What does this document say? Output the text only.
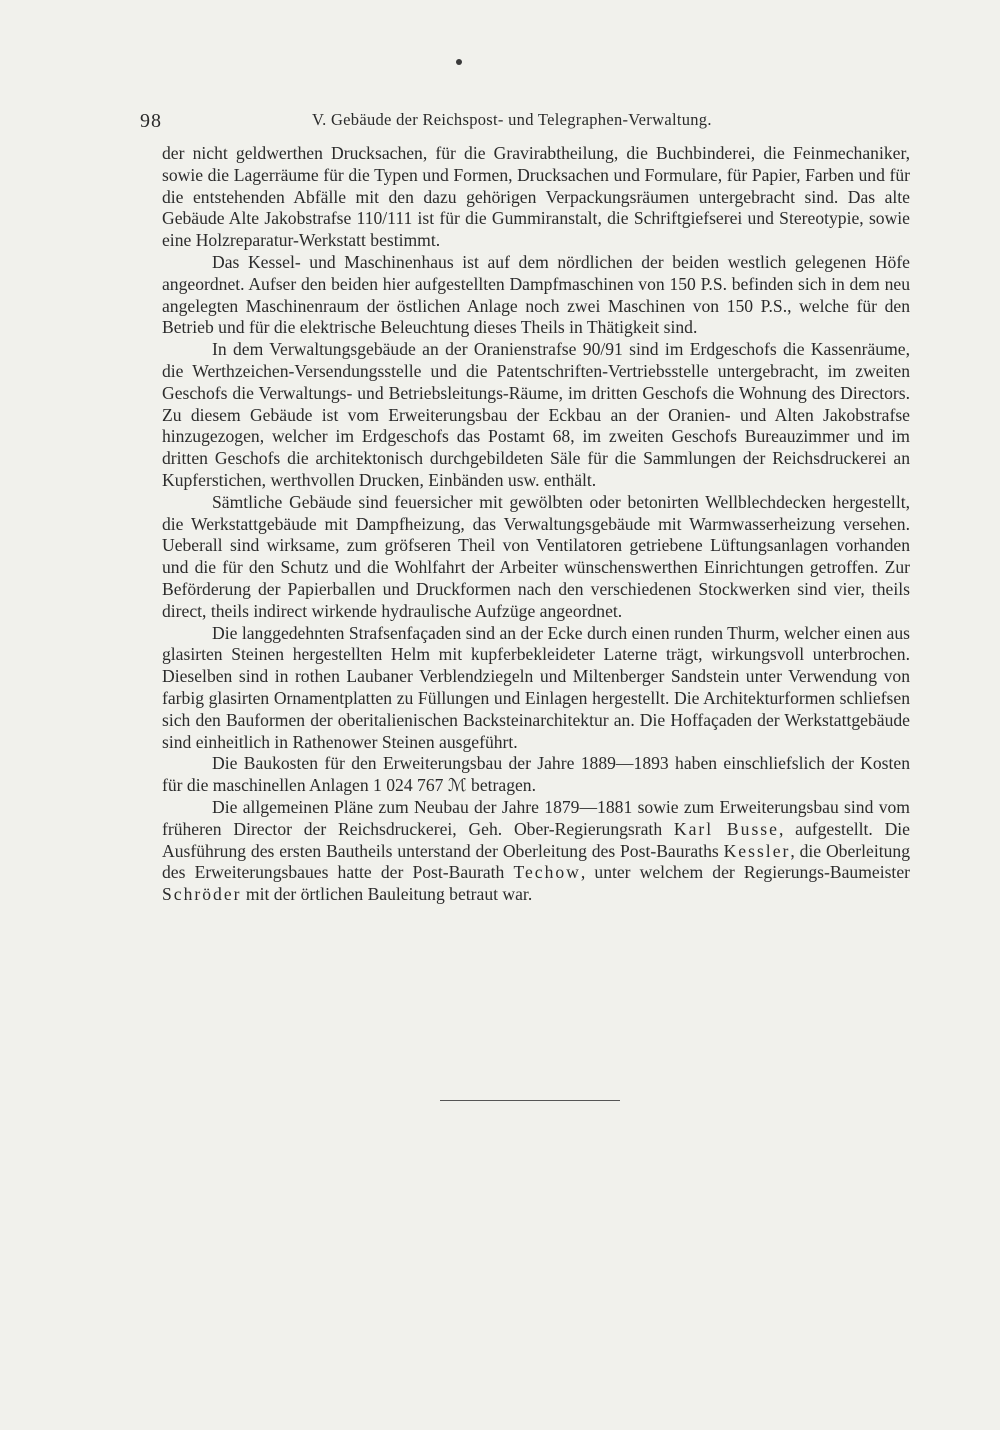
98	V. Gebäude der Reichspost- und Telegraphen-Verwaltung.

der nicht geldwerthen Drucksachen, für die Gravirabtheilung, die Buchbinderei, die Feinmechaniker, sowie die Lagerräume für die Typen und Formen, Drucksachen und Formulare, für Papier, Farben und für die entstehenden Abfälle mit den dazu gehörigen Verpackungsräumen untergebracht sind. Das alte Gebäude Alte Jakobstrafse 110/111 ist für die Gummiranstalt, die Schriftgiefserei und Stereotypie, sowie eine Holzreparatur-Werkstatt bestimmt.

Das Kessel- und Maschinenhaus ist auf dem nördlichen der beiden westlich gelegenen Höfe angeordnet. Aufser den beiden hier aufgestellten Dampfmaschinen von 150 P.S. befinden sich in dem neu angelegten Maschinenraum der östlichen Anlage noch zwei Maschinen von 150 P.S., welche für den Betrieb und für die elektrische Beleuchtung dieses Theils in Thätigkeit sind.

In dem Verwaltungsgebäude an der Oranienstrafse 90/91 sind im Erdgeschofs die Kassenräume, die Werthzeichen-Versendungsstelle und die Patentschriften-Vertriebsstelle untergebracht, im zweiten Geschofs die Verwaltungs- und Betriebsleitungs-Räume, im dritten Geschofs die Wohnung des Directors. Zu diesem Gebäude ist vom Erweiterungsbau der Eckbau an der Oranien- und Alten Jakobstrafse hinzugezogen, welcher im Erdgeschofs das Postamt 68, im zweiten Geschofs Bureauzimmer und im dritten Geschofs die architektonisch durchgebildeten Säle für die Sammlungen der Reichsdruckerei an Kupferstichen, werthvollen Drucken, Einbänden usw. enthält.

Sämtliche Gebäude sind feuersicher mit gewölbten oder betonirten Wellblechdecken hergestellt, die Werkstattgebäude mit Dampfheizung, das Verwaltungsgebäude mit Warmwasserheizung versehen. Ueberall sind wirksame, zum gröfseren Theil von Ventilatoren getriebene Lüftungsanlagen vorhanden und die für den Schutz und die Wohlfahrt der Arbeiter wünschenswerthen Einrichtungen getroffen. Zur Beförderung der Papierballen und Druckformen nach den verschiedenen Stockwerken sind vier, theils direct, theils indirect wirkende hydraulische Aufzüge angeordnet.

Die langgedehnten Strafsenfaçaden sind an der Ecke durch einen runden Thurm, welcher einen aus glasirten Steinen hergestellten Helm mit kupferbekleideter Laterne trägt, wirkungsvoll unterbrochen. Dieselben sind in rothen Laubaner Verblendziegeln und Miltenberger Sandstein unter Verwendung von farbig glasirten Ornamentplatten zu Füllungen und Einlagen hergestellt. Die Architekturformen schliefsen sich den Bauformen der oberitalienischen Backsteinarchitektur an. Die Hoffaçaden der Werkstattgebäude sind einheitlich in Rathenower Steinen ausgeführt.

Die Baukosten für den Erweiterungsbau der Jahre 1889—1893 haben einschliefslich der Kosten für die maschinellen Anlagen 1 024 767 ℳ betragen.

Die allgemeinen Pläne zum Neubau der Jahre 1879—1881 sowie zum Erweiterungsbau sind vom früheren Director der Reichsdruckerei, Geh. Ober-Regierungsrath Karl Busse, aufgestellt. Die Ausführung des ersten Bautheils unterstand der Oberleitung des Post-Bauraths Kessler, die Oberleitung des Erweiterungsbaues hatte der Post-Baurath Techow, unter welchem der Regierungs-Baumeister Schröder mit der örtlichen Bauleitung betraut war.
